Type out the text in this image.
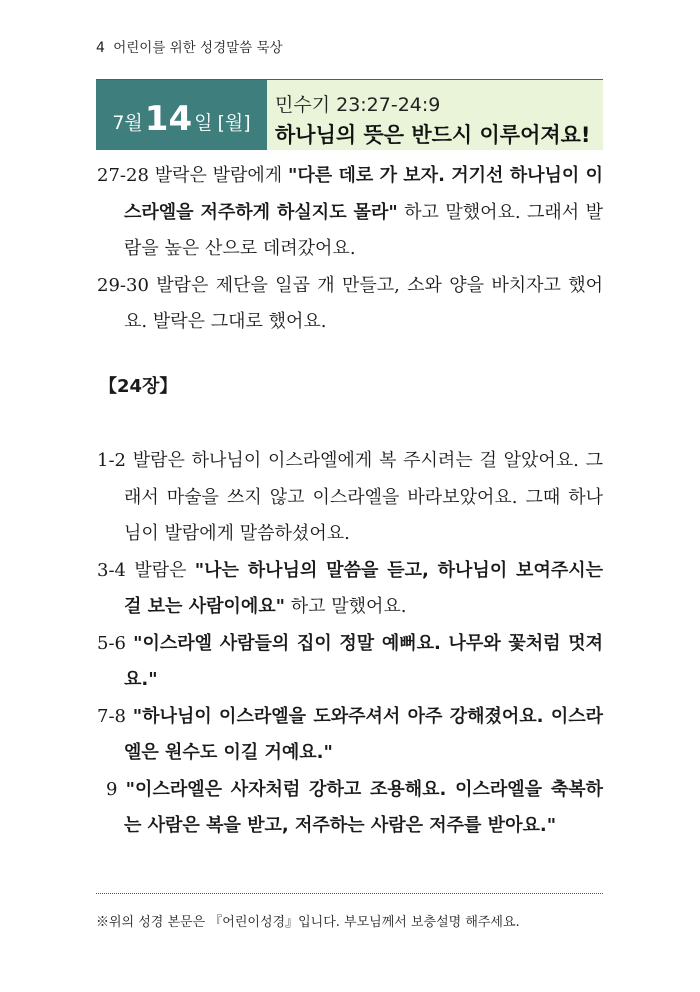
4 어린이를 위한 성경말씀 묵상
7월 14 일 [월]
민수기 23:27-24:9
하나님의 뜻은 반드시 이루어져요!
27-28 발락은 발람에게 "다른 데로 가 보자. 거기선 하나님이 이스라엘을 저주하게 하실지도 몰라" 하고 말했어요. 그래서 발람을 높은 산으로 데려갔어요.
29-30 발람은 제단을 일곱 개 만들고, 소와 양을 바치자고 했어요. 발락은 그대로 했어요.
【24장】
1-2 발람은 하나님이 이스라엘에게 복 주시려는 걸 알았어요. 그래서 마술을 쓰지 않고 이스라엘을 바라보았어요. 그때 하나님이 발람에게 말씀하셨어요.
3-4 발람은 "나는 하나님의 말씀을 듣고, 하나님이 보여주시는 걸 보는 사람이에요" 하고 말했어요.
5-6 "이스라엘 사람들의 집이 정말 예뻐요. 나무와 꽃처럼 멋져요."
7-8 "하나님이 이스라엘을 도와주셔서 아주 강해졌어요. 이스라엘은 원수도 이길 거예요."
9 "이스라엘은 사자처럼 강하고 조용해요. 이스라엘을 축복하는 사람은 복을 받고, 저주하는 사람은 저주를 받아요."
※위의 성경 본문은 『어린이성경』입니다. 부모님께서 보충설명 해주세요.
